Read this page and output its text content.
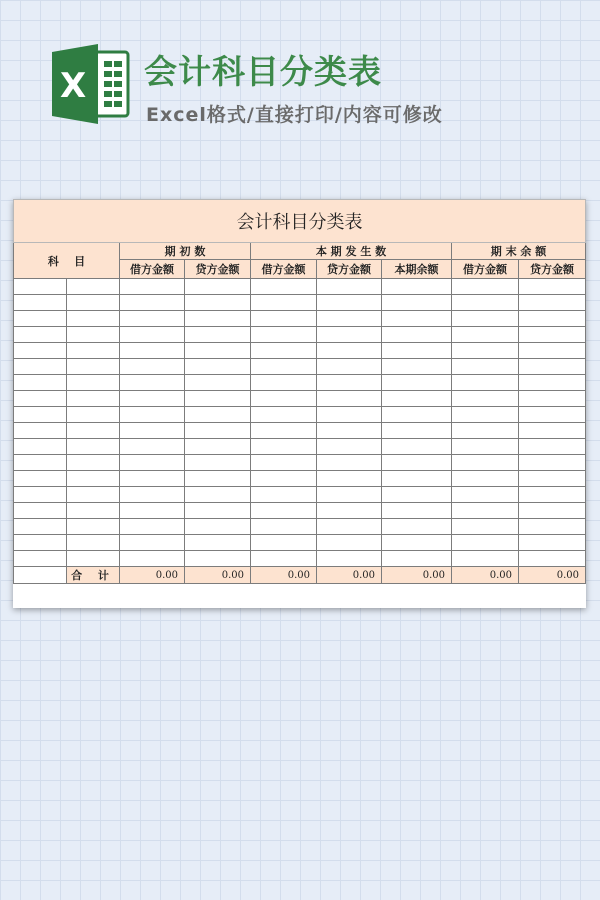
X 会计科目分类表
Excel格式/直接打印/内容可修改
会计科目分类表								
科    目		期 初 数		本 期 发 生 数			期 末 余 额	
		借方金额	贷方金额	借方金额	贷方金额	本期余额	借方金额	贷方金额

	合 计	0.00	0.00	0.00	0.00	0.00	0.00	0.00
